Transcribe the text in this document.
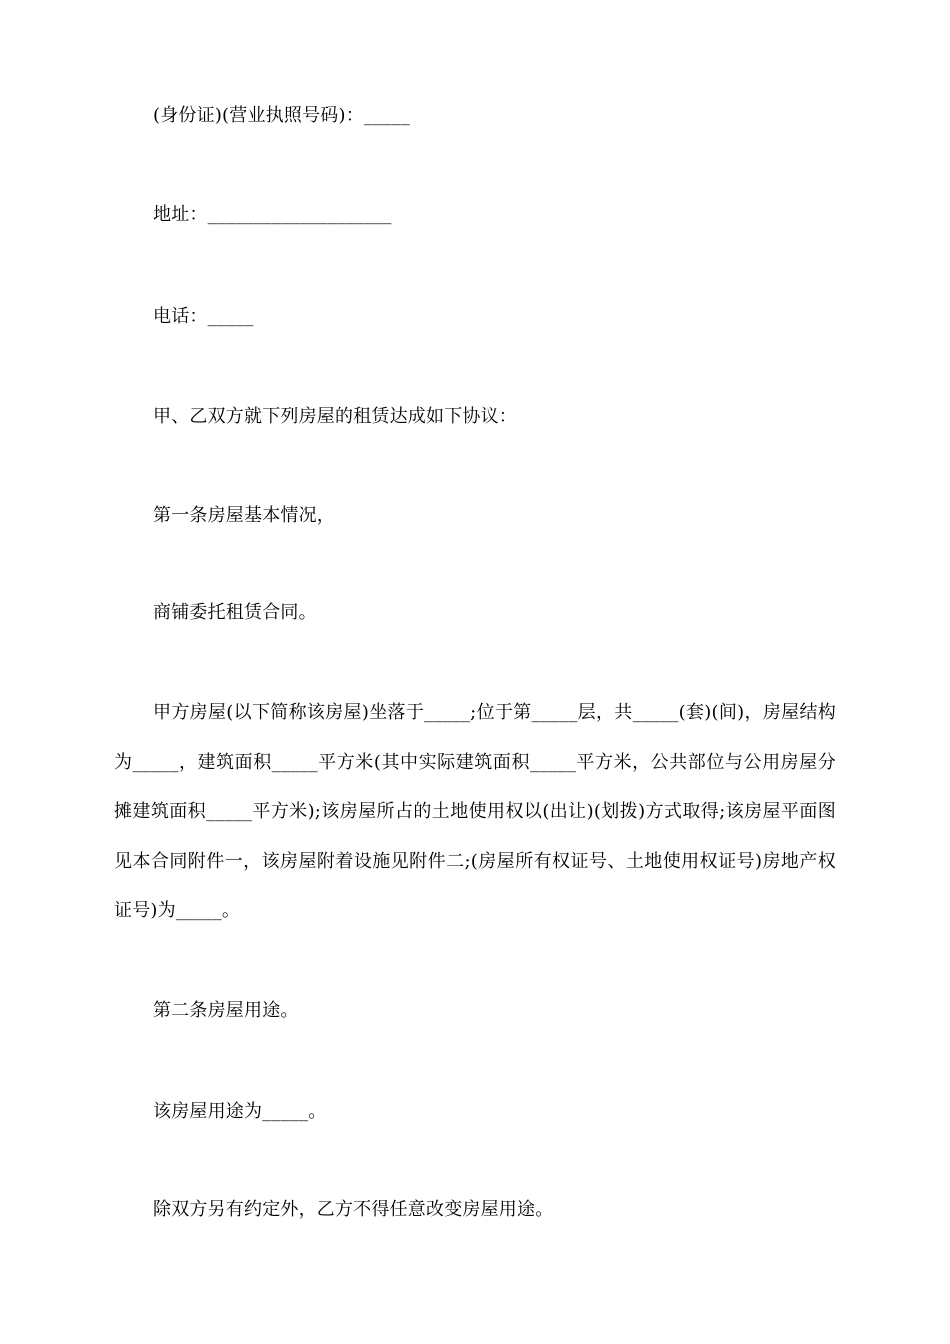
(身份证)(营业执照号码)：_____
地址：____________________
电话：_____
甲、乙双方就下列房屋的租赁达成如下协议：
第一条房屋基本情况，
商铺委托租赁合同。
甲方房屋(以下简称该房屋)坐落于_____;位于第_____层，共_____(套)(间)，房屋结构为_____，建筑面积_____平方米(其中实际建筑面积_____平方米，公共部位与公用房屋分摊建筑面积_____平方米);该房屋所占的土地使用权以(出让)(划拨)方式取得;该房屋平面图见本合同附件一，该房屋附着设施见附件二;(房屋所有权证号、土地使用权证号)房地产权证号)为_____。
第二条房屋用途。
该房屋用途为_____。
除双方另有约定外，乙方不得任意改变房屋用途。
